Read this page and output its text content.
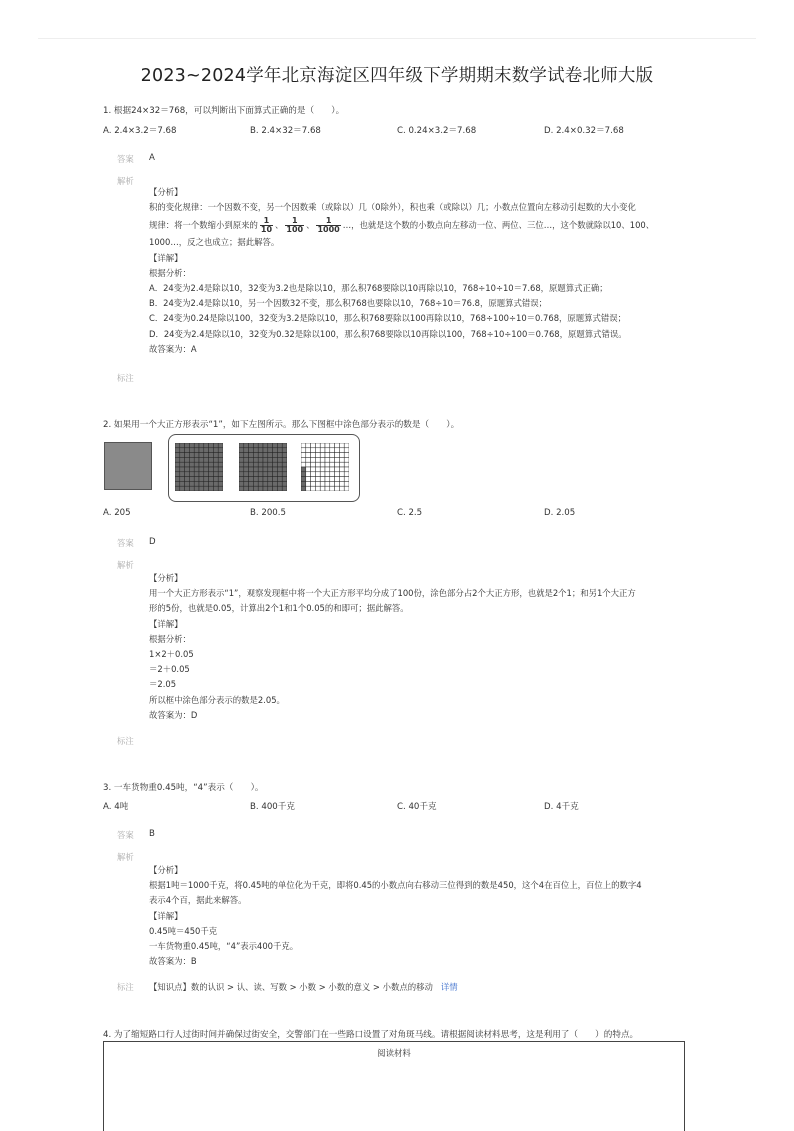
2023~2024学年北京海淀区四年级下学期期末数学试卷北师大版
1. 根据24×32＝768，可以判断出下面算式正确的是（　　）。
A. 2.4×3.2＝7.68	B. 2.4×32＝7.68	C. 0.24×3.2＝7.68	D. 2.4×0.32＝7.68
答案 A
解析

【分析】

积的变化规律：一个因数不变，另一个因数乘（或除以）几（0除外），积也乘（或除以）几；小数点位置向左移动引起数的大小变化

规律：将一个数缩小到原来的 $\frac{1}{10}$ 、 $\frac{1}{100}$ 、 $\frac{1}{1000}$ …，也就是这个数的小数点向左移动一位、两位、三位…，这个数就除以10、100、

1000…，反之也成立；据此解答。

【详解】

根据分析：

A．24变为2.4是除以10，32变为3.2也是除以10，那么积768要除以10再除以10，768÷10÷10＝7.68，原题算式正确；

B．24变为2.4是除以10，另一个因数32不变，那么积768也要除以10，768÷10＝76.8，原题算式错误；

C．24变为0.24是除以100，32变为3.2是除以10，那么积768要除以100再除以10，768÷100÷10＝0.768，原题算式错误；

D．24变为2.4是除以10，32变为0.32是除以100，那么积768要除以10再除以100，768÷10÷100＝0.768，原题算式错误。

故答案为：A

标注
2. 如果用一个大正方形表示“1”，如下左图所示。那么下图框中涂色部分表示的数是（　　）。
A. 205	B. 200.5	C. 2.5	D. 2.05
答案 D
解析

【分析】

用一个大正方形表示“1”，观察发现框中将一个大正方形平均分成了100份，涂色部分占2个大正方形，也就是2个1；和另1个大正方

形的5份，也就是0.05，计算出2个1和1个0.05的和即可；据此解答。

【详解】

根据分析：

1×2＋0.05

＝2＋0.05

＝2.05

所以框中涂色部分表示的数是2.05。

故答案为：D

标注
3. 一车货物重0.45吨，“4”表示（　　）。
A. 4吨	B. 400千克	C. 40千克	D. 4千克
答案 B
解析

【分析】

根据1吨＝1000千克，将0.45吨的单位化为千克，即将0.45的小数点向右移动三位得到的数是450，这个4在百位上，百位上的数字4

表示4个百，据此来解答。

【详解】

0.45吨＝450千克

一车货物重0.45吨，“4”表示400千克。

故答案为：B

标注 【知识点】数的认识 > 认、读、写数 > 小数 > 小数的意义 > 小数点的移动 详情
4. 为了缩短路口行人过街时间并确保过街安全，交警部门在一些路口设置了对角斑马线。请根据阅读材料思考，这是利用了（　　）的特点。
阅读材料
